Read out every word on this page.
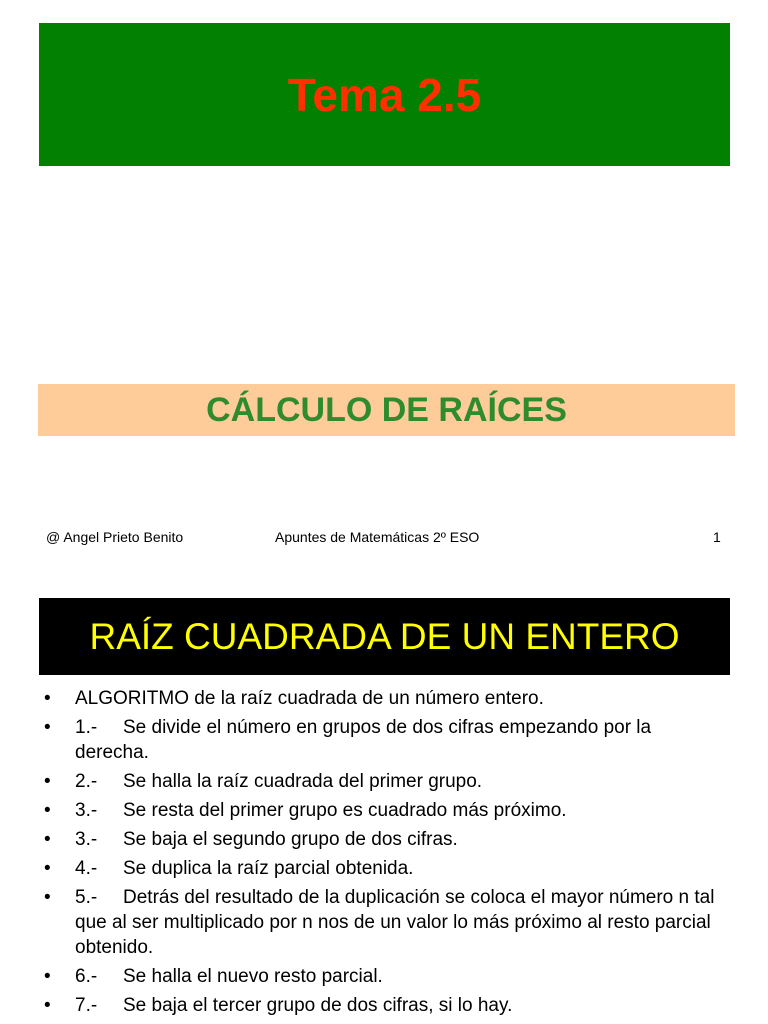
Tema 2.5
CÁLCULO DE RAÍCES
@ Angel Prieto Benito	Apuntes de Matemáticas 2º ESO	1
RAÍZ CUADRADA DE UN ENTERO
• ALGORITMO de la raíz cuadrada de un número entero.
• 1.- Se divide el número en grupos de dos cifras empezando por la derecha.
• 2.- Se halla la raíz cuadrada del primer grupo.
• 3.- Se resta del primer grupo es cuadrado más próximo.
• 3.- Se baja el segundo grupo de dos cifras.
• 4.- Se duplica la raíz parcial obtenida.
• 5.- Detrás del resultado de la duplicación se coloca el mayor número n tal que al ser multiplicado por n nos de un valor lo más próximo al resto parcial obtenido.
• 6.- Se halla el nuevo resto parcial.
• 7.- Se baja el tercer grupo de dos cifras, si lo hay.
